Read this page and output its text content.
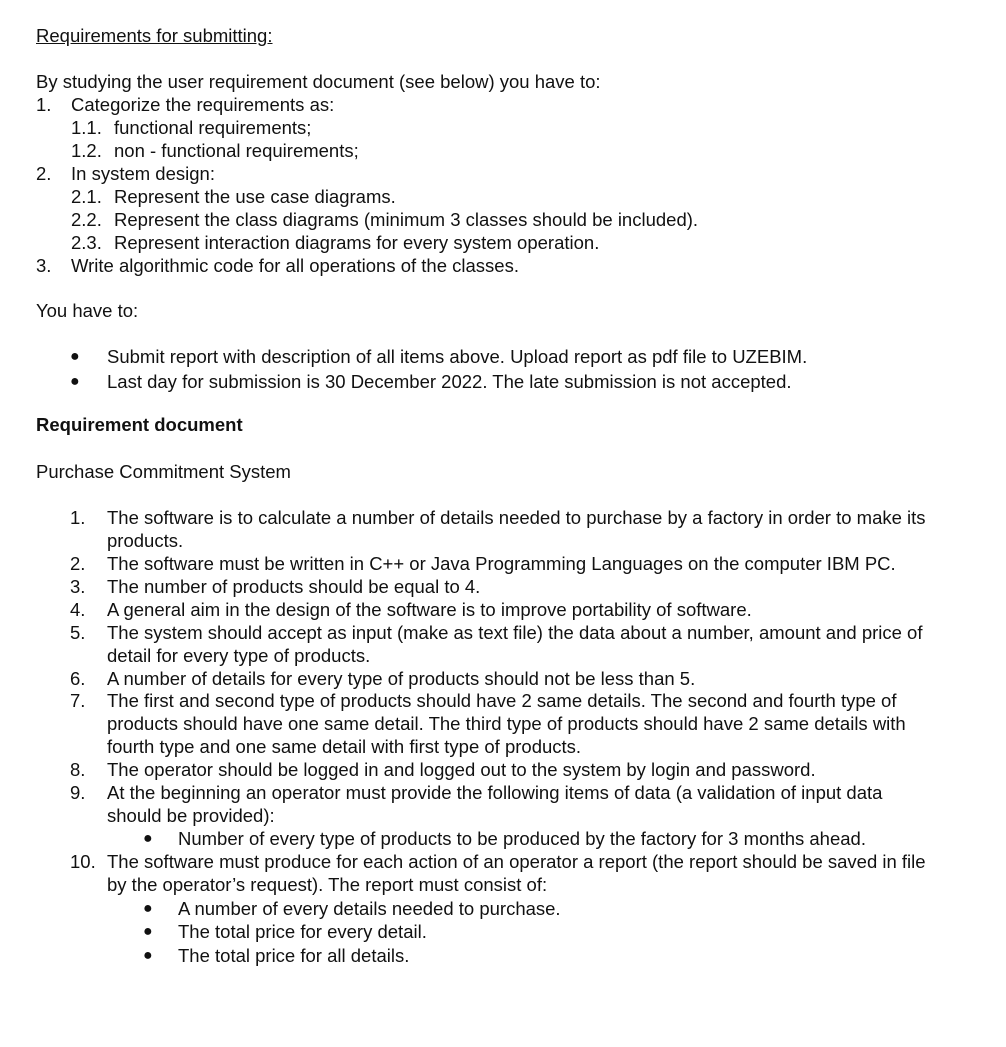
Requirements for submitting:
By studying the user requirement document (see below) you have to:
1. Categorize the requirements as:
1.1. functional requirements;
1.2. non - functional requirements;
2. In system design:
2.1. Represent the use case diagrams.
2.2. Represent the class diagrams (minimum 3 classes should be included).
2.3. Represent interaction diagrams for every system operation.
3. Write algorithmic code for all operations of the classes.
You have to:
● Submit report with description of all items above. Upload report as pdf file to UZEBIM.
● Last day for submission is 30 December 2022. The late submission is not accepted.
Requirement document
Purchase Commitment System
1. The software is to calculate a number of details needed to purchase by a factory in order to make its
products.
2. The software must be written in C++ or Java Programming Languages on the computer IBM PC.
3. The number of products should be equal to 4.
4. A general aim in the design of the software is to improve portability of software.
5. The system should accept as input (make as text file) the data about a number, amount and price of
detail for every type of products.
6. A number of details for every type of products should not be less than 5.
7. The first and second type of products should have 2 same details. The second and fourth type of
products should have one same detail. The third type of products should have 2 same details with
fourth type and one same detail with first type of products.
8. The operator should be logged in and logged out to the system by login and password.
9. At the beginning an operator must provide the following items of data (a validation of input data
should be provided):
● Number of every type of products to be produced by the factory for 3 months ahead.
10. The software must produce for each action of an operator a report (the report should be saved in file
by the operator’s request). The report must consist of:
● A number of every details needed to purchase.
● The total price for every detail.
● The total price for all details.
